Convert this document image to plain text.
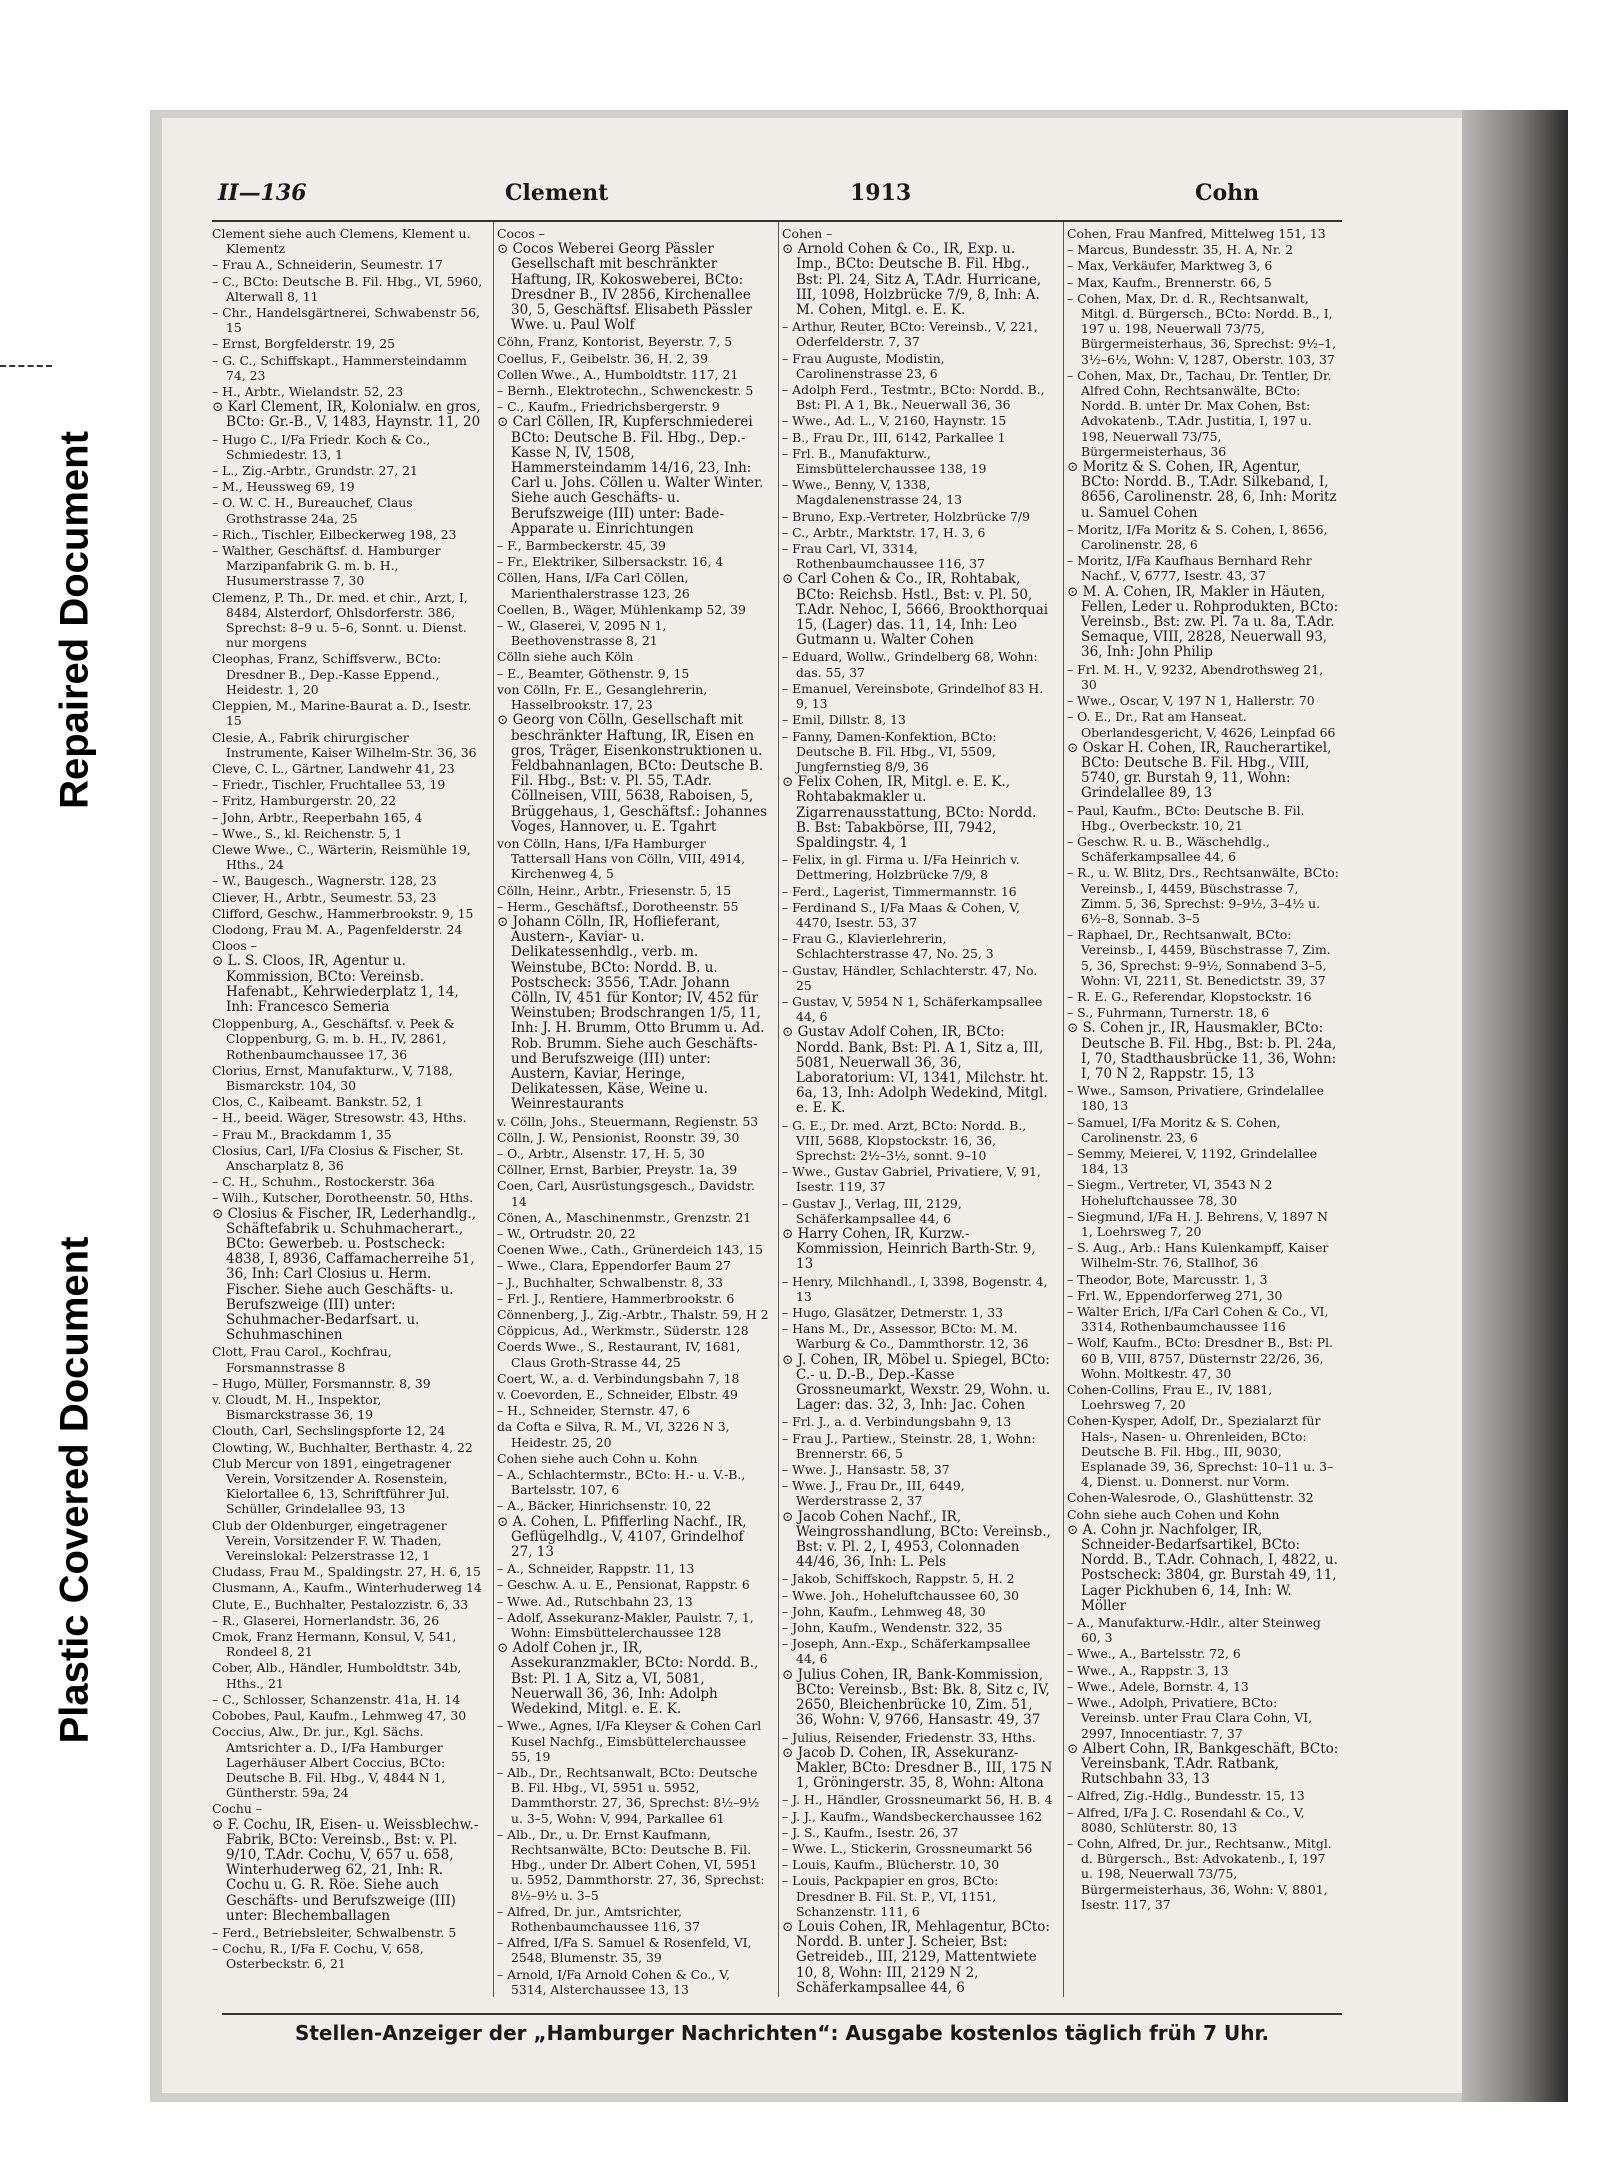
Repaired Document
Plastic Covered Document
II—136	Clement	1913	Cohn
Clement siehe auch Clemens, Klement u. Klementz
– Frau A., Schneiderin, Seumestr. 17
– C., BCto: Deutsche B. Fil. Hbg., VI, 5960, Alterwall 8, 11
– Chr., Handelsgärtnerei, Schwabenstr 56, 15
– Ernst, Borgfelderstr. 19, 25
– G. C., Schiffskapt., Hammersteindamm 74, 23
– H., Arbtr., Wielandstr. 52, 23
⊙ Karl Clement, IR, Kolonialw. en gros, BCto: Gr.-B., V, 1483, Haynstr. 11, 20
– Hugo C., I/Fa Friedr. Koch & Co., Schmiedestr. 13, 1
– L., Zig.-Arbtr., Grundstr. 27, 21
– M., Heussweg 69, 19
– O. W. C. H., Bureauchef, Claus Grothstrasse 24a, 25
– Rich., Tischler, Eilbeckerweg 198, 23
– Walther, Geschäftsf. d. Hamburger Marzipanfabrik G. m. b. H., Husumerstrasse 7, 30
Clemenz, P. Th., Dr. med. et chir., Arzt, I, 8484, Alsterdorf, Ohlsdorferstr. 386, Sprechst: 8–9 u. 5–6, Sonnt. u. Dienst. nur morgens
Cleophas, Franz, Schiffsverw., BCto: Dresdner B., Dep.-Kasse Eppend., Heidestr. 1, 20
Cleppien, M., Marine-Baurat a. D., Isestr. 15
Clesie, A., Fabrik chirurgischer Instrumente, Kaiser Wilhelm-Str. 36, 36
Cleve, C. L., Gärtner, Landwehr 41, 23
– Friedr., Tischler, Fruchtallee 53, 19
– Fritz, Hamburgerstr. 20, 22
– John, Arbtr., Reeperbahn 165, 4
– Wwe., S., kl. Reichenstr. 5, 1
Clewe Wwe., C., Wärterin, Reismühle 19, Hths., 24
– W., Baugesch., Wagnerstr. 128, 23
Cliever, H., Arbtr., Seumestr. 53, 23
Clifford, Geschw., Hammerbrookstr. 9, 15
Clodong, Frau M. A., Pagenfelderstr. 24
Cloos –
⊙ L. S. Cloos, IR, Agentur u. Kommission, BCto: Vereinsb. Hafenabt., Kehrwiederplatz 1, 14, Inh: Francesco Semeria
Cloppenburg, A., Geschäftsf. v. Peek & Cloppenburg, G. m. b. H., IV, 2861, Rothenbaumchaussee 17, 36
Clorius, Ernst, Manufakturw., V, 7188, Bismarckstr. 104, 30
Clos, C., Kaibeamt. Bankstr. 52, 1
– H., beeid. Wäger, Stresowstr. 43, Hths.
– Frau M., Brackdamm 1, 35
Closius, Carl, I/Fa Closius & Fischer, St. Anscharplatz 8, 36
– C. H., Schuhm., Rostockerstr. 36a
– Wilh., Kutscher, Dorotheenstr. 50, Hths.
⊙ Closius & Fischer, IR, Lederhandlg., Schäftefabrik u. Schuhmacherart., BCto: Gewerbeb. u. Postscheck: 4838, I, 8936, Caffamacherreihe 51, 36, Inh: Carl Closius u. Herm. Fischer. Siehe auch Geschäfts- u. Berufszweige (III) unter: Schuhmacher-Bedarfsart. u. Schuhmaschinen
Clott, Frau Carol., Kochfrau, Forsmannstrasse 8
– Hugo, Müller, Forsmannstr. 8, 39
v. Cloudt, M. H., Inspektor, Bismarckstrasse 36, 19
Clouth, Carl, Sechslingspforte 12, 24
Clowting, W., Buchhalter, Berthastr. 4, 22
Club Mercur von 1891, eingetragener Verein, Vorsitzender A. Rosenstein, Kielortallee 6, 13, Schriftführer Jul. Schüller, Grindelallee 93, 13
Club der Oldenburger, eingetragener Verein, Vorsitzender F. W. Thaden, Vereinslokal: Pelzerstrasse 12, 1
Cludass, Frau M., Spaldingstr. 27, H. 6, 15
Clusmann, A., Kaufm., Winterhuderweg 14
Clute, E., Buchhalter, Pestalozzistr. 6, 33
– R., Glaserei, Hornerlandstr. 36, 26
Cmok, Franz Hermann, Konsul, V, 541, Rondeel 8, 21
Cober, Alb., Händler, Humboldtstr. 34b, Hths., 21
– C., Schlosser, Schanzenstr. 41a, H. 14
Cobobes, Paul, Kaufm., Lehmweg 47, 30
Coccius, Alw., Dr. jur., Kgl. Sächs. Amtsrichter a. D., I/Fa Hamburger Lagerhäuser Albert Coccius, BCto: Deutsche B. Fil. Hbg., V, 4844 N 1, Güntherstr. 59a, 24
Cochu –
⊙ F. Cochu, IR, Eisen- u. Weissblechw.-Fabrik, BCto: Vereinsb., Bst: v. Pl. 9/10, T.Adr. Cochu, V, 657 u. 658, Winterhuderweg 62, 21, Inh: R. Cochu u. G. R. Röe. Siehe auch Geschäfts- und Berufszweige (III) unter: Blechemballagen
– Ferd., Betriebsleiter, Schwalbenstr. 5
– Cochu, R., I/Fa F. Cochu, V, 658, Osterbeckstr. 6, 21
Cocos –
⊙ Cocos Weberei Georg Pässler Gesellschaft mit beschränkter Haftung, IR, Kokosweberei, BCto: Dresdner B., IV 2856, Kirchenallee 30, 5, Geschäftsf. Elisabeth Pässler Wwe. u. Paul Wolf
Cöhn, Franz, Kontorist, Beyerstr. 7, 5
Coellus, F., Geibelstr. 36, H. 2, 39
Collen Wwe., A., Humboldtstr. 117, 21
– Bernh., Elektrotechn., Schwenckestr. 5
– C., Kaufm., Friedrichsbergerstr. 9
⊙ Carl Cöllen, IR, Kupferschmiederei BCto: Deutsche B. Fil. Hbg., Dep.-Kasse N, IV, 1508, Hammersteindamm 14/16, 23, Inh: Carl u. Johs. Cöllen u. Walter Winter. Siehe auch Geschäfts- u. Berufszweige (III) unter: Bade-Apparate u. Einrichtungen
– F., Barmbeckerstr. 45, 39
– Fr., Elektriker, Silbersackstr. 16, 4
Cöllen, Hans, I/Fa Carl Cöllen, Marienthalerstrasse 123, 26
Coellen, B., Wäger, Mühlenkamp 52, 39
– W., Glaserei, V, 2095 N 1, Beethovenstrasse 8, 21
Cölln siehe auch Köln
– E., Beamter, Göthenstr. 9, 15
von Cölln, Fr. E., Gesanglehrerin, Hasselbrookstr. 17, 23
⊙ Georg von Cölln, Gesellschaft mit beschränkter Haftung, IR, Eisen en gros, Träger, Eisenkonstruktionen u. Feldbahnanlagen, BCto: Deutsche B. Fil. Hbg., Bst: v. Pl. 55, T.Adr. Cöllneisen, VIII, 5638, Raboisen, 5, Brüggehaus, 1, Geschäftsf.: Johannes Voges, Hannover, u. E. Tgahrt
von Cölln, Hans, I/Fa Hamburger Tattersall Hans von Cölln, VIII, 4914, Kirchenweg 4, 5
Cölln, Heinr., Arbtr., Friesenstr. 5, 15
– Herm., Geschäftsf., Dorotheenstr. 55
⊙ Johann Cölln, IR, Hoflieferant, Austern-, Kaviar- u. Delikatessenhdlg., verb. m. Weinstube, BCto: Nordd. B. u. Postscheck: 3556, T.Adr. Johann Cölln, IV, 451 für Kontor; IV, 452 für Weinstuben; Brodschrangen 1/5, 11, Inh: J. H. Brumm, Otto Brumm u. Ad. Rob. Brumm. Siehe auch Geschäfts- und Berufszweige (III) unter: Austern, Kaviar, Heringe, Delikatessen, Käse, Weine u. Weinrestaurants
v. Cölln, Johs., Steuermann, Regienstr. 53
Cölln, J. W., Pensionist, Roonstr. 39, 30
– O., Arbtr., Alsenstr. 17, H. 5, 30
Cöllner, Ernst, Barbier, Preystr. 1a, 39
Coen, Carl, Ausrüstungsgesch., Davidstr. 14
Cönen, A., Maschinenmstr., Grenzstr. 21
– W., Ortrudstr. 20, 22
Coenen Wwe., Cath., Grünerdeich 143, 15
– Wwe., Clara, Eppendorfer Baum 27
– J., Buchhalter, Schwalbenstr. 8, 33
– Frl. J., Rentiere, Hammerbrookstr. 6
Cönnenberg, J., Zig.-Arbtr., Thalstr. 59, H 2
Cöppicus, Ad., Werkmstr., Süderstr. 128
Coerds Wwe., S., Restaurant, IV, 1681, Claus Groth-Strasse 44, 25
Coert, W., a. d. Verbindungsbahn 7, 18
v. Coevorden, E., Schneider, Elbstr. 49
– H., Schneider, Sternstr. 47, 6
da Cofta e Silva, R. M., VI, 3226 N 3, Heidestr. 25, 20
Cohen siehe auch Cohn u. Kohn
– A., Schlachtermstr., BCto: H.- u. V.-B., Bartelsstr. 107, 6
– A., Bäcker, Hinrichsenstr. 10, 22
⊙ A. Cohen, L. Pfifferling Nachf., IR, Geflügelhdlg., V, 4107, Grindelhof 27, 13
– A., Schneider, Rappstr. 11, 13
– Geschw. A. u. E., Pensionat, Rappstr. 6
– Wwe. Ad., Rutschbahn 23, 13
– Adolf, Assekuranz-Makler, Paulstr. 7, 1, Wohn: Eimsbüttelerchaussee 128
⊙ Adolf Cohen jr., IR, Assekuranzmakler, BCto: Nordd. B., Bst: Pl. 1 A, Sitz a, VI, 5081, Neuerwall 36, 36, Inh: Adolph Wedekind, Mitgl. e. E. K.
– Wwe., Agnes, I/Fa Kleyser & Cohen Carl Kusel Nachfg., Eimsbüttelerchaussee 55, 19
– Alb., Dr., Rechtsanwalt, BCto: Deutsche B. Fil. Hbg., VI, 5951 u. 5952, Dammthorstr. 27, 36, Sprechst: 8½–9½ u. 3–5, Wohn: V, 994, Parkallee 61
– Alb., Dr., u. Dr. Ernst Kaufmann, Rechtsanwälte, BCto: Deutsche B. Fil. Hbg., under Dr. Albert Cohen, VI, 5951 u. 5952, Dammthorstr. 27, 36, Sprechst: 8½–9½ u. 3–5
– Alfred, Dr. jur., Amtsrichter, Rothenbaumchaussee 116, 37
– Alfred, I/Fa S. Samuel & Rosenfeld, VI, 2548, Blumenstr. 35, 39
– Arnold, I/Fa Arnold Cohen & Co., V, 5314, Alsterchaussee 13, 13
Cohen –
⊙ Arnold Cohen & Co., IR, Exp. u. Imp., BCto: Deutsche B. Fil. Hbg., Bst: Pl. 24, Sitz A, T.Adr. Hurricane, III, 1098, Holzbrücke 7/9, 8, Inh: A. M. Cohen, Mitgl. e. E. K.
– Arthur, Reuter, BCto: Vereinsb., V, 221, Oderfelderstr. 7, 37
– Frau Auguste, Modistin, Carolinenstrasse 23, 6
– Adolph Ferd., Testmtr., BCto: Nordd. B., Bst: Pl. A 1, Bk., Neuerwall 36, 36
– Wwe., Ad. L., V, 2160, Haynstr. 15
– B., Frau Dr., III, 6142, Parkallee 1
– Frl. B., Manufakturw., Eimsbüttelerchaussee 138, 19
– Wwe., Benny, V, 1338, Magdalenenstrasse 24, 13
– Bruno, Exp.-Vertreter, Holzbrücke 7/9
– C., Arbtr., Marktstr. 17, H. 3, 6
– Frau Carl, VI, 3314, Rothenbaumchaussee 116, 37
⊙ Carl Cohen & Co., IR, Rohtabak, BCto: Reichsb. Hstl., Bst: v. Pl. 50, T.Adr. Nehoc, I, 5666, Brookthorquai 15, (Lager) das. 11, 14, Inh: Leo Gutmann u. Walter Cohen
– Eduard, Wollw., Grindelberg 68, Wohn: das. 55, 37
– Emanuel, Vereinsbote, Grindelhof 83 H. 9, 13
– Emil, Dillstr. 8, 13
– Fanny, Damen-Konfektion, BCto: Deutsche B. Fil. Hbg., VI, 5509, Jungfernstieg 8/9, 36
⊙ Felix Cohen, IR, Mitgl. e. E. K., Rohtabakmakler u. Zigarrenausstattung, BCto: Nordd. B. Bst: Tabakbörse, III, 7942, Spaldingstr. 4, 1
– Felix, in gl. Firma u. I/Fa Heinrich v. Dettmering, Holzbrücke 7/9, 8
– Ferd., Lagerist, Timmermannstr. 16
– Ferdinand S., I/Fa Maas & Cohen, V, 4470, Isestr. 53, 37
– Frau G., Klavierlehrerin, Schlachterstrasse 47, No. 25, 3
– Gustav, Händler, Schlachterstr. 47, No. 25
– Gustav, V, 5954 N 1, Schäferkampsallee 44, 6
⊙ Gustav Adolf Cohen, IR, BCto: Nordd. Bank, Bst: Pl. A 1, Sitz a, III, 5081, Neuerwall 36, 36, Laboratorium: VI, 1341, Milchstr. ht. 6a, 13, Inh: Adolph Wedekind, Mitgl. e. E. K.
– G. E., Dr. med. Arzt, BCto: Nordd. B., VIII, 5688, Klopstockstr. 16, 36, Sprechst: 2½–3½, sonnt. 9–10
– Wwe., Gustav Gabriel, Privatiere, V, 91, Isestr. 119, 37
– Gustav J., Verlag, III, 2129, Schäferkampsallee 44, 6
⊙ Harry Cohen, IR, Kurzw.-Kommission, Heinrich Barth-Str. 9, 13
– Henry, Milchhandl., I, 3398, Bogenstr. 4, 13
– Hugo, Glasätzer, Detmerstr. 1, 33
– Hans M., Dr., Assessor, BCto: M. M. Warburg & Co., Dammthorstr. 12, 36
⊙ J. Cohen, IR, Möbel u. Spiegel, BCto: C.- u. D.-B., Dep.-Kasse Grossneumarkt, Wexstr. 29, Wohn. u. Lager: das. 32, 3, Inh: Jac. Cohen
– Frl. J., a. d. Verbindungsbahn 9, 13
– Frau J., Partiew., Steinstr. 28, 1, Wohn: Brennerstr. 66, 5
– Wwe. J., Hansastr. 58, 37
– Wwe. J., Frau Dr., III, 6449, Werderstrasse 2, 37
⊙ Jacob Cohen Nachf., IR, Weingrosshandlung, BCto: Vereinsb., Bst: v. Pl. 2, I, 4953, Colonnaden 44/46, 36, Inh: L. Pels
– Jakob, Schiffskoch, Rappstr. 5, H. 2
– Wwe. Joh., Hoheluftchaussee 60, 30
– John, Kaufm., Lehmweg 48, 30
– John, Kaufm., Wendenstr. 322, 35
– Joseph, Ann.-Exp., Schäferkampsallee 44, 6
⊙ Julius Cohen, IR, Bank-Kommission, BCto: Vereinsb., Bst: Bk. 8, Sitz c, IV, 2650, Bleichenbrücke 10, Zim. 51, 36, Wohn: V, 9766, Hansastr. 49, 37
– Julius, Reisender, Friedenstr. 33, Hths.
⊙ Jacob D. Cohen, IR, Assekuranz-Makler, BCto: Dresdner B., III, 175 N 1, Gröningerstr. 35, 8, Wohn: Altona
– J. H., Händler, Grossneumarkt 56, H. B. 4
– J. J., Kaufm., Wandsbeckerchaussee 162
– J. S., Kaufm., Isestr. 26, 37
– Wwe. L., Stickerin, Grossneumarkt 56
– Louis, Kaufm., Blücherstr. 10, 30
– Louis, Packpapier en gros, BCto: Dresdner B. Fil. St. P., VI, 1151, Schanzenstr. 111, 6
⊙ Louis Cohen, IR, Mehlagentur, BCto: Nordd. B. unter J. Scheier, Bst: Getreideb., III, 2129, Mattentwiete 10, 8, Wohn: III, 2129 N 2, Schäferkampsallee 44, 6
Cohen, Frau Manfred, Mittelweg 151, 13
– Marcus, Bundesstr. 35, H. A, Nr. 2
– Max, Verkäufer, Marktweg 3, 6
– Max, Kaufm., Brennerstr. 66, 5
– Cohen, Max, Dr. d. R., Rechtsanwalt, Mitgl. d. Bürgersch., BCto: Nordd. B., I, 197 u. 198, Neuerwall 73/75, Bürgermeisterhaus, 36, Sprechst: 9½–1, 3½–6½, Wohn: V, 1287, Oberstr. 103, 37
– Cohen, Max, Dr., Tachau, Dr. Tentler, Dr. Alfred Cohn, Rechtsanwälte, BCto: Nordd. B. unter Dr. Max Cohen, Bst: Advokatenb., T.Adr. Justitia, I, 197 u. 198, Neuerwall 73/75, Bürgermeisterhaus, 36
⊙ Moritz & S. Cohen, IR, Agentur, BCto: Nordd. B., T.Adr. Silkeband, I, 8656, Carolinenstr. 28, 6, Inh: Moritz u. Samuel Cohen
– Moritz, I/Fa Moritz & S. Cohen, I, 8656, Carolinenstr. 28, 6
– Moritz, I/Fa Kaufhaus Bernhard Rehr Nachf., V, 6777, Isestr. 43, 37
⊙ M. A. Cohen, IR, Makler in Häuten, Fellen, Leder u. Rohprodukten, BCto: Vereinsb., Bst: zw. Pl. 7a u. 8a, T.Adr. Semaque, VIII, 2828, Neuerwall 93, 36, Inh: John Philip
– Frl. M. H., V, 9232, Abendrothsweg 21, 30
– Wwe., Oscar, V, 197 N 1, Hallerstr. 70
– O. E., Dr., Rat am Hanseat. Oberlandesgericht, V, 4626, Leinpfad 66
⊙ Oskar H. Cohen, IR, Raucherartikel, BCto: Deutsche B. Fil. Hbg., VIII, 5740, gr. Burstah 9, 11, Wohn: Grindelallee 89, 13
– Paul, Kaufm., BCto: Deutsche B. Fil. Hbg., Overbeckstr. 10, 21
– Geschw. R. u. B., Wäschehdlg., Schäferkampsallee 44, 6
– R., u. W. Blitz, Drs., Rechtsanwälte, BCto: Vereinsb., I, 4459, Büschstrasse 7, Zimm. 5, 36, Sprechst: 9–9½, 3–4½ u. 6½–8, Sonnab. 3–5
– Raphael, Dr., Rechtsanwalt, BCto: Vereinsb., I, 4459, Büschstrasse 7, Zim. 5, 36, Sprechst: 9–9½, Sonnabend 3–5, Wohn: VI, 2211, St. Benedictstr. 39, 37
– R. E. G., Referendar, Klopstockstr. 16
– S., Fuhrmann, Turnerstr. 18, 6
⊙ S. Cohen jr., IR, Hausmakler, BCto: Deutsche B. Fil. Hbg., Bst: b. Pl. 24a, I, 70, Stadthausbrücke 11, 36, Wohn: I, 70 N 2, Rappstr. 15, 13
– Wwe., Samson, Privatiere, Grindelallee 180, 13
– Samuel, I/Fa Moritz & S. Cohen, Carolinenstr. 23, 6
– Semmy, Meierei, V, 1192, Grindelallee 184, 13
– Siegm., Vertreter, VI, 3543 N 2 Hoheluftchaussee 78, 30
– Siegmund, I/Fa H. J. Behrens, V, 1897 N 1, Loehrsweg 7, 20
– S. Aug., Arb.: Hans Kulenkampff, Kaiser Wilhelm-Str. 76, Stallhof, 36
– Theodor, Bote, Marcusstr. 1, 3
– Frl. W., Eppendorferweg 271, 30
– Walter Erich, I/Fa Carl Cohen & Co., VI, 3314, Rothenbaumchaussee 116
– Wolf, Kaufm., BCto: Dresdner B., Bst: Pl. 60 B, VIII, 8757, Düsternstr 22/26, 36, Wohn. Moltkestr. 47, 30
Cohen-Collins, Frau E., IV, 1881, Loehrsweg 7, 20
Cohen-Kysper, Adolf, Dr., Spezialarzt für Hals-, Nasen- u. Ohrenleiden, BCto: Deutsche B. Fil. Hbg., III, 9030, Esplanade 39, 36, Sprechst: 10–11 u. 3–4, Dienst. u. Donnerst. nur Vorm.
Cohen-Walesrode, O., Glashüttenstr. 32
Cohn siehe auch Cohen und Kohn
⊙ A. Cohn jr. Nachfolger, IR, Schneider-Bedarfsartikel, BCto: Nordd. B., T.Adr. Cohnach, I, 4822, u. Postscheck: 3804, gr. Burstah 49, 11, Lager Pickhuben 6, 14, Inh: W. Möller
– A., Manufakturw.-Hdlr., alter Steinweg 60, 3
– Wwe., A., Bartelsstr. 72, 6
– Wwe., A., Rappstr. 3, 13
– Wwe., Adele, Bornstr. 4, 13
– Wwe., Adolph, Privatiere, BCto: Vereinsb. unter Frau Clara Cohn, VI, 2997, Innocentiastr. 7, 37
⊙ Albert Cohn, IR, Bankgeschäft, BCto: Vereinsbank, T.Adr. Ratbank, Rutschbahn 33, 13
– Alfred, Zig.-Hdlg., Bundesstr. 15, 13
– Alfred, I/Fa J. C. Rosendahl & Co., V, 8080, Schlüterstr. 80, 13
– Cohn, Alfred, Dr. jur., Rechtsanw., Mitgl. d. Bürgersch., Bst: Advokatenb., I, 197 u. 198, Neuerwall 73/75, Bürgermeisterhaus, 36, Wohn: V, 8801, Isestr. 117, 37
Stellen-Anzeiger der „Hamburger Nachrichten“: Ausgabe kostenlos täglich früh 7 Uhr.
